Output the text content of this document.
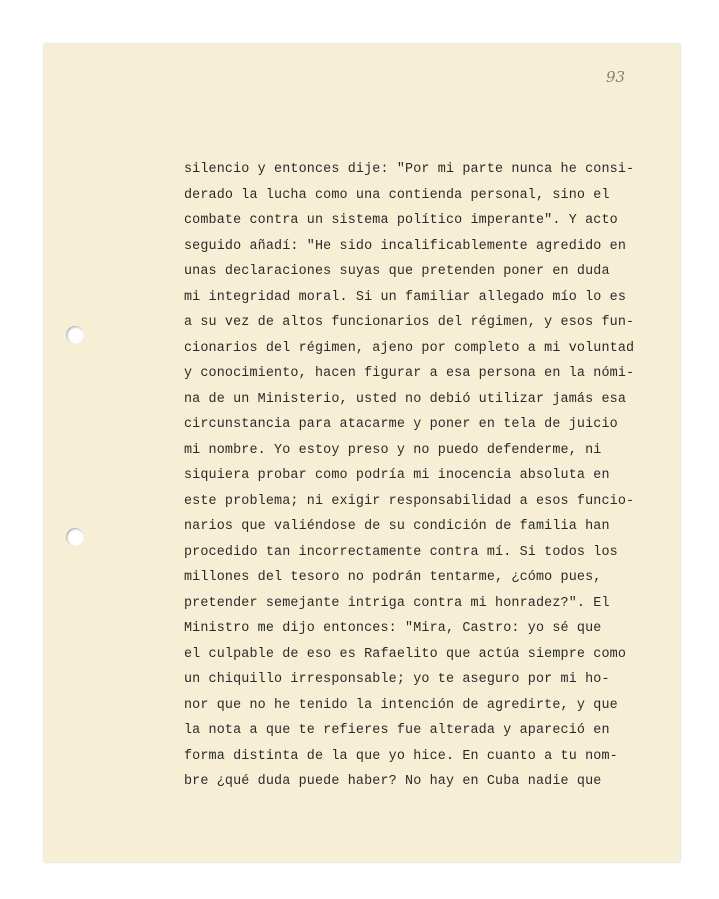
93
silencio y entonces dije: "Por mi parte nunca he consi-
derado la lucha como una contienda personal, sino el
combate contra un sistema político imperante". Y acto
seguido añadí: "He sido incalificablemente agredido en
unas declaraciones suyas que pretenden poner en duda
mi integridad moral. Si un familiar allegado mío lo es
a su vez de altos funcionarios del régimen, y esos fun-
cionarios del régimen, ajeno por completo a mi voluntad
y conocimiento, hacen figurar a esa persona en la nómi-
na de un Ministerio, usted no debió utilizar jamás esa
circunstancia para atacarme y poner en tela de juicio
mi nombre. Yo estoy preso y no puedo defenderme, ni
siquiera probar como podría mi inocencia absoluta en
este problema; ni exigir responsabilidad a esos funcio-
narios que valiéndose de su condición de familia han
procedido tan incorrectamente contra mí. Si todos los
millones del tesoro no podrán tentarme, ¿cómo pues,
pretender semejante intriga contra mi honradez?". El
Ministro me dijo entonces: "Mira, Castro: yo sé que
el culpable de eso es Rafaelito que actúa siempre como
un chiquillo irresponsable; yo te aseguro por mi ho-
nor que no he tenido la intención de agredirte, y que
la nota a que te refieres fue alterada y apareció en
forma distinta de la que yo hice. En cuanto a tu nom-
bre ¿qué duda puede haber? No hay en Cuba nadie que
